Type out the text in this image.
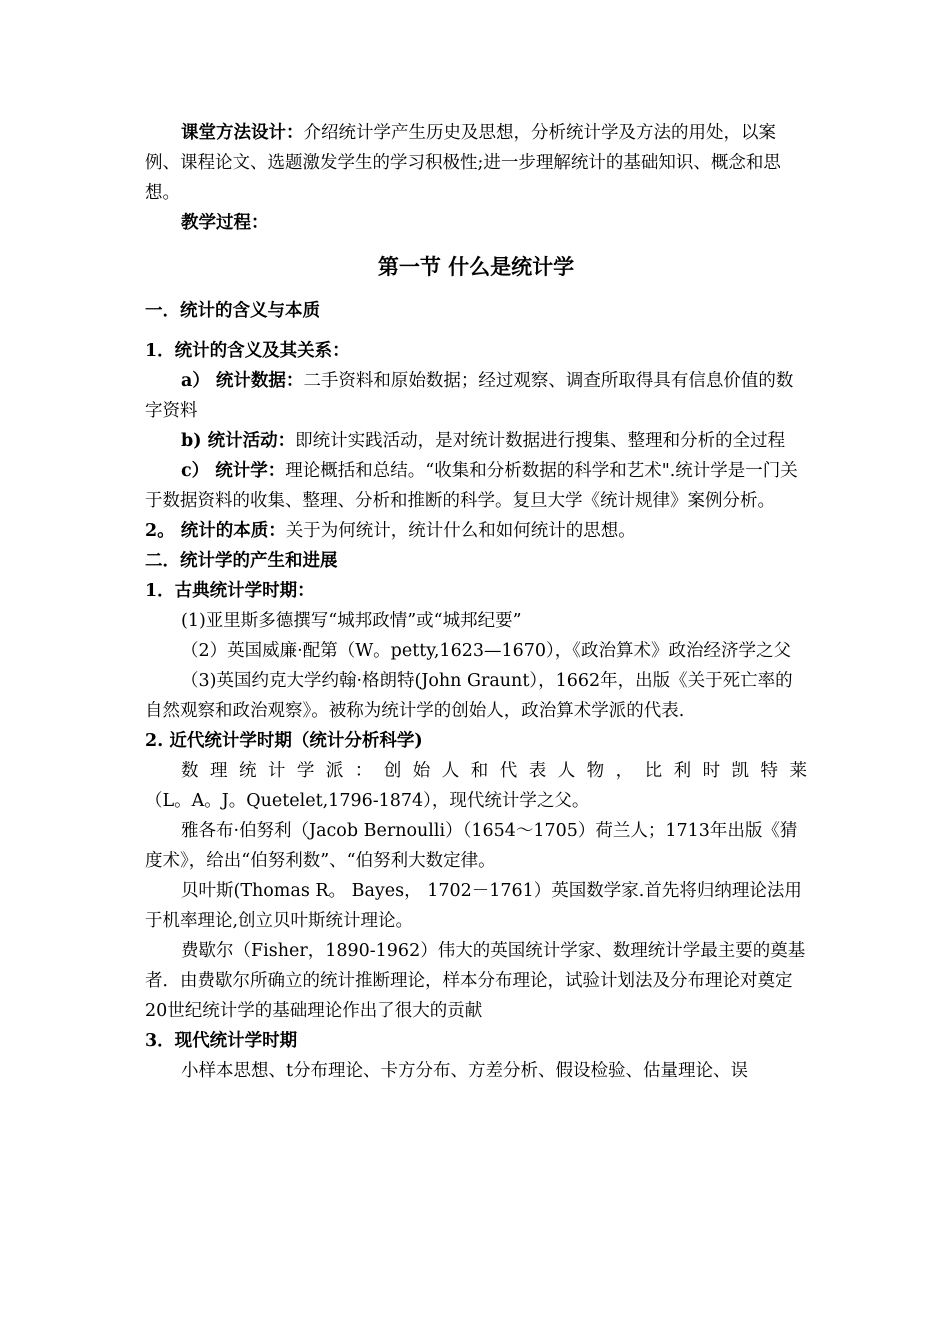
课堂方法设计：介绍统计学产生历史及思想，分析统计学及方法的用处，以案例、课程论文、选题激发学生的学习积极性;进一步理解统计的基础知识、概念和思想。

教学过程：

第一节 什么是统计学

一．统计的含义与本质

1．统计的含义及其关系：

a） 统计数据：二手资料和原始数据；经过观察、调查所取得具有信息价值的数字资料

b) 统计活动：即统计实践活动，是对统计数据进行搜集、整理和分析的全过程

c） 统计学：理论概括和总结。“收集和分析数据的科学和艺术".统计学是一门关于数据资料的收集、整理、分析和推断的科学。复旦大学《统计规律》案例分析。

2。 统计的本质：关于为何统计，统计什么和如何统计的思想。

二．统计学的产生和进展

1．古典统计学时期：

(1)亚里斯多德撰写“城邦政情”或“城邦纪要”

（2）英国威廉·配第（W。petty,1623—1670），《政治算术》政治经济学之父

（3)英国约克大学约翰·格朗特(John Graunt），1662年，出版《关于死亡率的自然观察和政治观察》。被称为统计学的创始人，政治算术学派的代表.

2. 近代统计学时期（统计分析科学)

数理统计学派：创始人和代表人物，比利时凯特莱

（L。A。J。Quetelet,1796-1874），现代统计学之父。

雅各布·伯努利（Jacob Bernoulli）（1654～1705）荷兰人；1713年出版《猜度术》，给出“伯努利数”、“伯努利大数定律。

贝叶斯(Thomas R。 Bayes， 1702－1761）英国数学家.首先将归纳理论法用于机率理论,创立贝叶斯统计理论。

费歇尔（Fisher，1890-1962）伟大的英国统计学家、数理统计学最主要的奠基者．由费歇尔所确立的统计推断理论，样本分布理论，试验计划法及分布理论对奠定20世纪统计学的基础理论作出了很大的贡献

3．现代统计学时期

小样本思想、t分布理论、卡方分布、方差分析、假设检验、估量理论、误
